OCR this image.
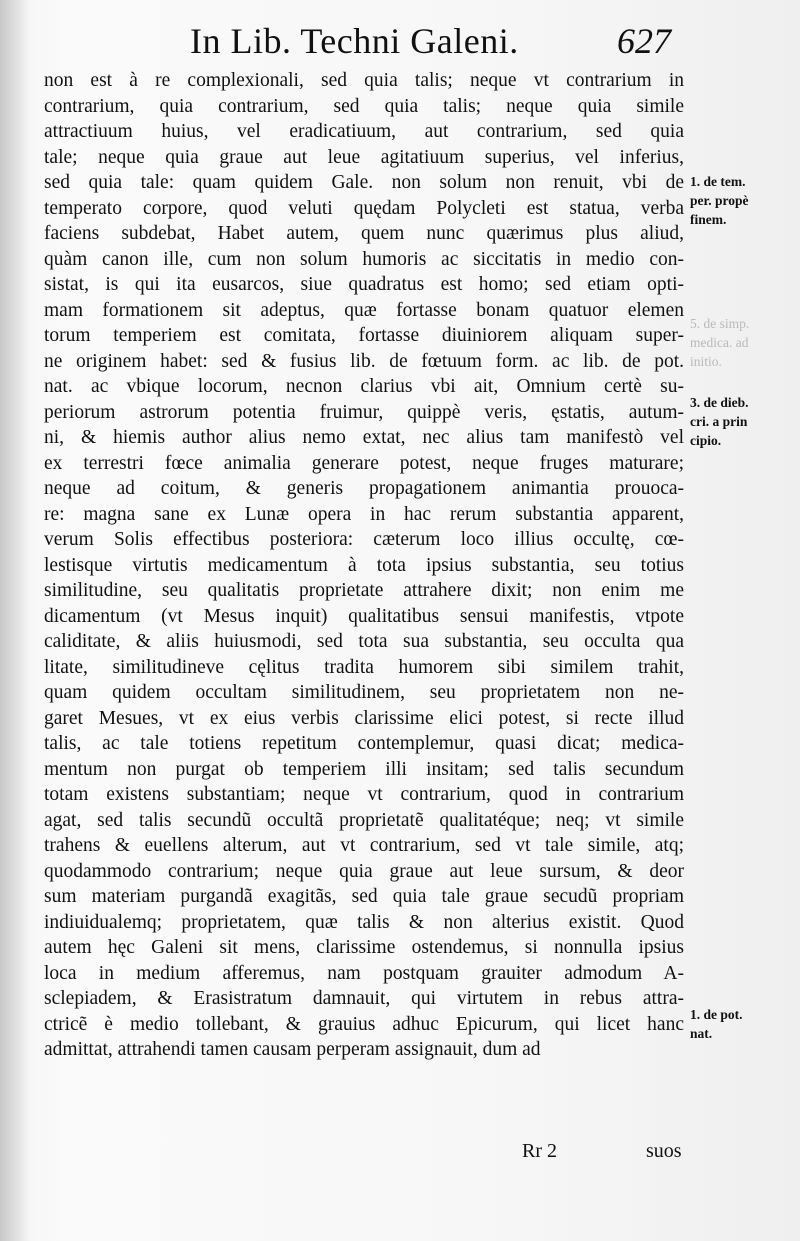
In Lib. Techni Galeni.	627
non est à re complexionali, sed quia talis; neque vt contrarium in
contrarium, quia contrarium, sed quia talis; neque quia simile
attractiuum huius, vel eradicatiuum, aut contrarium, sed quia
tale; neque quia graue aut leue agitatiuum superius, vel inferius,
sed quia tale: quam quidem Gale. non solum non renuit, vbi de
temperato corpore, quod veluti quędam Polycleti est statua, verba
faciens subdebat, Habet autem, quem nunc quærimus plus aliud,
quàm canon ille, cum non solum humoris ac siccitatis in medio con-
sistat, is qui ita eusarcos, siue quadratus est homo; sed etiam opti-
mam formationem sit adeptus, quæ fortasse bonam quatuor elemen
torum temperiem est comitata, fortasse diuiniorem aliquam super-
ne originem habet: sed & fusius lib. de fœtuum form. ac lib. de pot.
nat. ac vbique locorum, necnon clarius vbi ait, Omnium certè su-
periorum astrorum potentia fruimur, quippè veris, ęstatis, autum-
ni, & hiemis author alius nemo extat, nec alius tam manifestò vel
ex terrestri fœce animalia generare potest, neque fruges maturare;
neque ad coitum, & generis propagationem animantia prouoca-
re: magna sane ex Lunæ opera in hac rerum substantia apparent,
verum Solis effectibus posteriora: cæterum loco illius occultę, cœ-
lestisque virtutis medicamentum à tota ipsius substantia, seu totius
similitudine, seu qualitatis proprietate attrahere dixit; non enim me
dicamentum (vt Mesus inquit) qualitatibus sensui manifestis, vtpote
caliditate, & aliis huiusmodi, sed tota sua substantia, seu occulta qua
litate, similitudineve cęlitus tradita humorem sibi similem trahit,
quam quidem occultam similitudinem, seu proprietatem non ne-
garet Mesues, vt ex eius verbis clarissime elici potest, si recte illud
talis, ac tale totiens repetitum contemplemur, quasi dicat; medica-
mentum non purgat ob temperiem illi insitam; sed talis secundum
totam existens substantiam; neque vt contrarium, quod in contrarium
agat, sed talis secundũ occultã proprietatẽ qualitatéque; neq; vt simile
trahens & euellens alterum, aut vt contrarium, sed vt tale simile, atq;
quodammodo contrarium; neque quia graue aut leue sursum, & deor
sum materiam purgandã exagitãs, sed quia tale graue secudũ propriam
indiuidualemq; proprietatem, quæ talis & non alterius existit. Quod
autem hęc Galeni sit mens, clarissime ostendemus, si nonnulla ipsius
loca in medium afferemus, nam postquam grauiter admodum A-
sclepiadem, & Erasistratum damnauit, qui virtutem in rebus attra-
ctricẽ è medio tollebant, & grauius adhuc Epicurum, qui licet hanc
admittat, attrahendi tamen causam perperam assignauit, dum ad
1. de tem.
per. propè
finem.
5. de simp.
medica. ad
initio.
3. de dieb.
cri. a prin
cipio.
1. de pot.
nat.
Rr 2	suos
